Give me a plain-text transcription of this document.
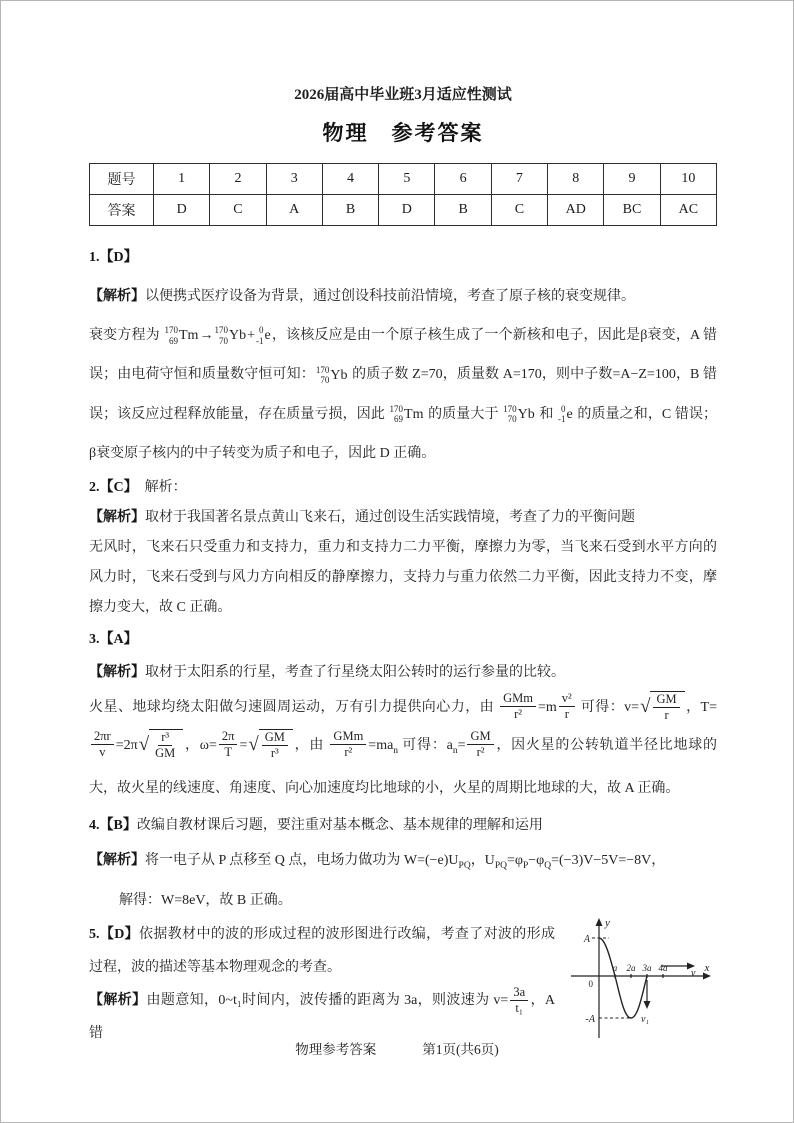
2026届高中毕业班3月适应性测试
物理　参考答案
题号	1	2	3	4	5	6	7	8	9	10
答案	D	C	A	B	D	B	C	AD	BC	AC
1.【D】
【解析】以便携式医疗设备为背景，通过创设科技前沿情境，考查了原子核的衰变规律。
衰变方程为 170
69 Tm → 170
70 Yb + 0
-1 e ，该核反应是由一个原子核生成了一个新核和电子，因此是β衰变，A 错误；由电荷守恒和质量数守恒可知： 170
70 Yb 的质子数 Z=70，质量数 A=170，则中子数=A−Z=100，B 错误；该反应过程释放能量，存在质量亏损，因此 170
69 Tm 的质量大于 170
70 Yb 和 0
-1 e 的质量之和，C 错误；β衰变原子核内的中子转变为质子和电子，因此 D 正确。
2.【C】　解析：
【解析】取材于我国著名景点黄山飞来石，通过创设生活实践情境，考查了力的平衡问题
无风时，飞来石只受重力和支持力，重力和支持力二力平衡，摩擦力为零，当飞来石受到水平方向的风力时，飞来石受到与风力方向相反的静摩擦力，支持力与重力依然二力平衡，因此支持力不变，摩擦力变大，故 C 正确。
3.【A】
【解析】取材于太阳系的行星，考查了行星绕太阳公转时的运行参量的比较。
火星、地球均绕太阳做匀速圆周运动，万有引力提供向心力，由 $\frac{\text{GMm}}{\text{r²}} =m \frac{\text{v²}}{r}$ 可得：v= √ $\frac{GM}{r}$ ，T=
$\frac{2\pi r}{v} =2\pi$ √ $\frac{\text{r³}}{GM}$ ，$\omega= \frac{2\pi}{T}$ = √ $\frac{GM}{\text{r³}}$ ，由 $\frac{\text{GMm}}{\text{r²}} =ma_n$ 可得：$a_n= \frac{GM}{\text{r²}}$ ，因火星的公转轨道半径比地球的大，故火星的线速度、角速度、向心加速度均比地球的小，火星的周期比地球的大，故 A 正确。
4.【B】改编自教材课后习题，要注重对基本概念、基本规律的理解和运用
【解析】将一电子从 P 点移至 Q 点，电场力做功为 $W=(-e)U_{PQ}$，$U_{PQ}=\varphi_P-\varphi_Q=(-3)V-5V=-8V$，
解得：W=8eV，故 B 正确。
y
x
A
-A
0
a 2a 3a 4a v
v₁
5.【D】依据教材中的波的形成过程的波形图进行改编，考查了对波的形成过程，波的描述等基本物理观念的考查。
【解析】由题意知，0~t₁时间内，波传播的距离为 3a，则波速为 $v= \frac{3a}{\text{t₁}}$ ，A 错
物理参考答案	第1页(共6页)
